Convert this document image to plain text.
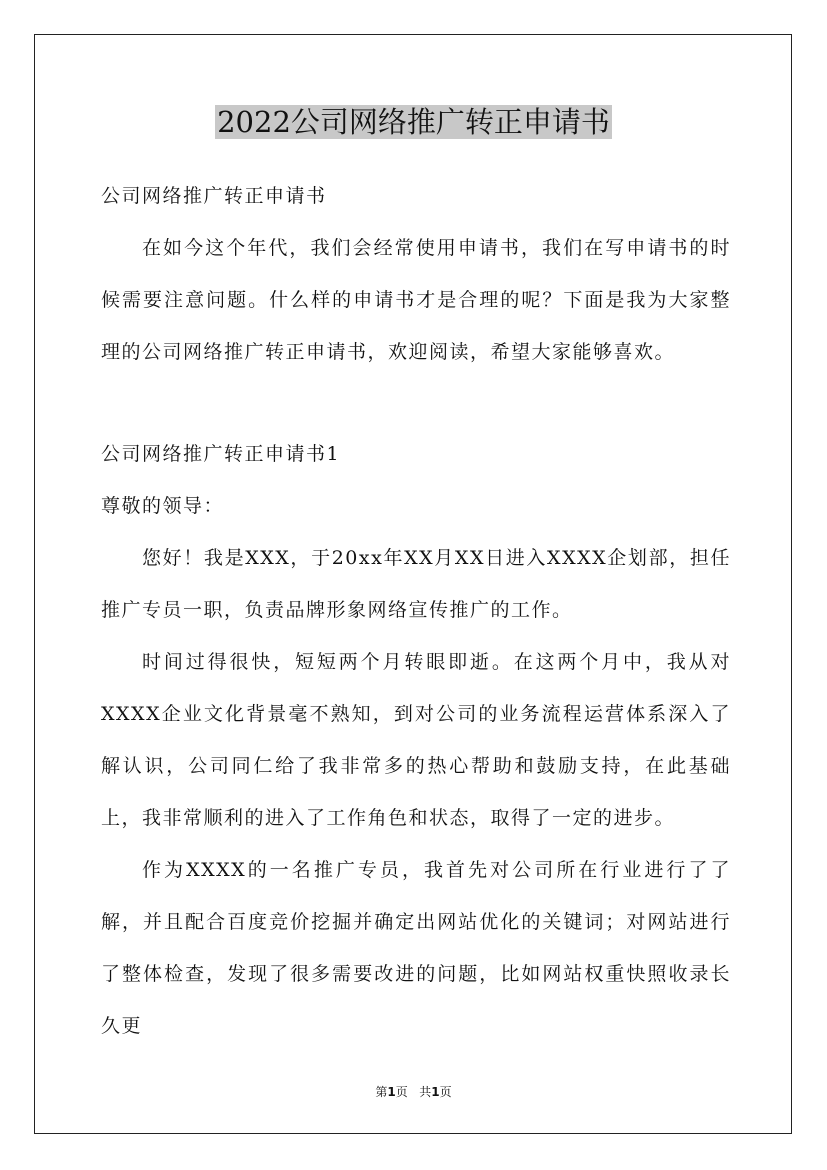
2022公司网络推广转正申请书

公司网络推广转正申请书

在如今这个年代，我们会经常使用申请书，我们在写申请书的时候需要注意问题。什么样的申请书才是合理的呢？下面是我为大家整理的公司网络推广转正申请书，欢迎阅读，希望大家能够喜欢。

公司网络推广转正申请书1

尊敬的领导：

您好！我是XXX，于20xx年XX月XX日进入XXXX企划部，担任推广专员一职，负责品牌形象网络宣传推广的工作。

时间过得很快，短短两个月转眼即逝。在这两个月中，我从对XXXX企业文化背景毫不熟知，到对公司的业务流程运营体系深入了解认识，公司同仁给了我非常多的热心帮助和鼓励支持，在此基础上，我非常顺利的进入了工作角色和状态，取得了一定的进步。

作为XXXX的一名推广专员，我首先对公司所在行业进行了了解，并且配合百度竞价挖掘并确定出网站优化的关键词；对网站进行了整体检查，发现了很多需要改进的问题，比如网站权重快照收录长久更

第1页 共1页
